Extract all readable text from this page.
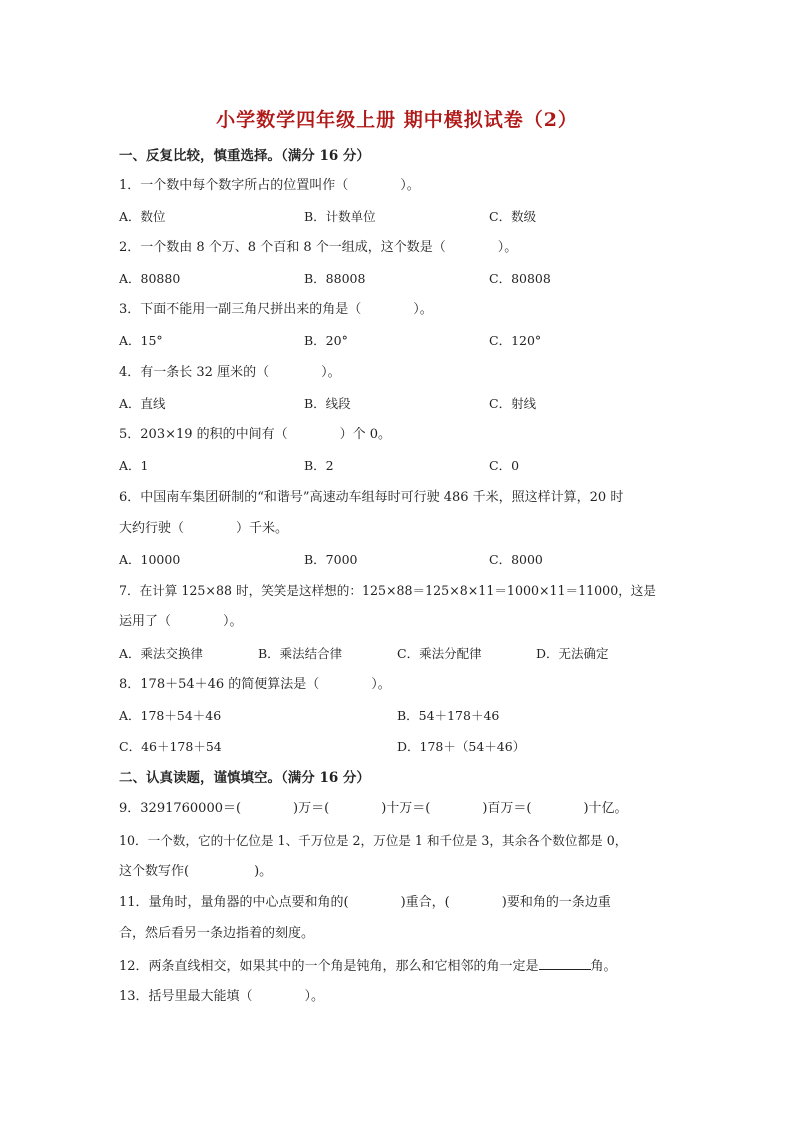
小学数学四年级上册 期中模拟试卷（2）
一、反复比较，慎重选择。（满分 16 分）
1．一个数中每个数字所占的位置叫作（　　　　）。
A．数位	B．计数单位	C．数级
2．一个数由 8 个万、8 个百和 8 个一组成，这个数是（　　　　）。
A．80880	B．88008	C．80808
3．下面不能用一副三角尺拼出来的角是（　　　　）。
A．15°	B．20°	C．120°
4．有一条长 32 厘米的（　　　　）。
A．直线	B．线段	C．射线
5．203×19 的积的中间有（　　　　）个 0。
A．1	B．2	C．0
6．中国南车集团研制的“和谐号”高速动车组每时可行驶 486 千米，照这样计算，20 时
大约行驶（　　　　）千米。
A．10000	B．7000	C．8000
7．在计算 125×88 时，笑笑是这样想的：125×88＝125×8×11＝1000×11＝11000，这是
运用了（　　　　）。
A．乘法交换律	B．乘法结合律	C．乘法分配律	D．无法确定
8．178＋54＋46 的简便算法是（　　　　）。
A．178＋54＋46	B．54＋178＋46
C．46＋178＋54	D．178＋（54＋46）
二、认真读题，谨慎填空。（满分 16 分）
9．3291760000＝(　　　　)万＝(　　　　)十万＝(　　　　)百万＝(　　　　)十亿。
10．一个数，它的十亿位是 1、千万位是 2，万位是 1 和千位是 3，其余各个数位都是 0，
这个数写作(　　　　　)。
11．量角时，量角器的中心点要和角的(　　　　)重合，(　　　　)要和角的一条边重
合，然后看另一条边指着的刻度。
12．两条直线相交，如果其中的一个角是钝角，那么和它相邻的角一定是	角。
13．括号里最大能填（　　　　）。
